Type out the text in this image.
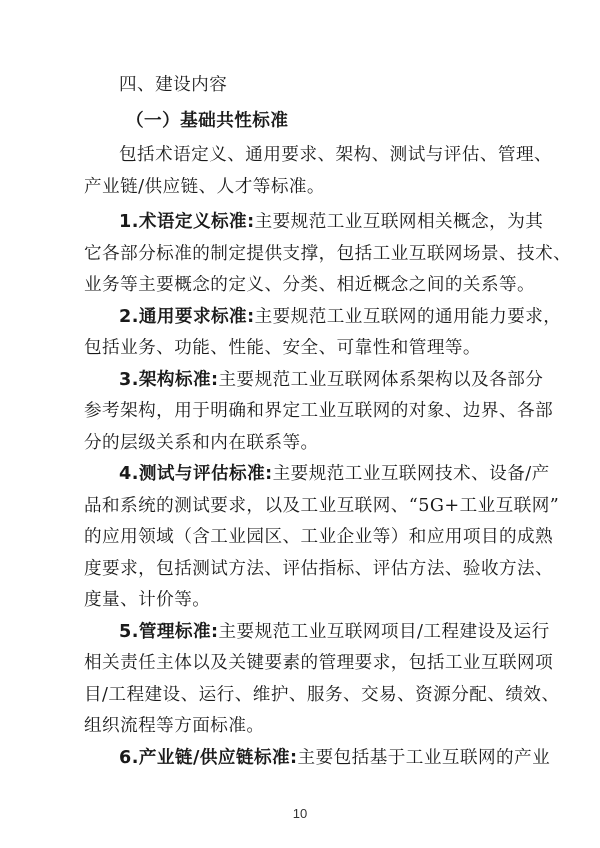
四、建设内容

（一）基础共性标准

包括术语定义、通用要求、架构、测试与评估、管理、

产业链/供应链、人才等标准。

1.术语定义标准:主要规范工业互联网相关概念，为其

它各部分标准的制定提供支撑，包括工业互联网场景、技术、

业务等主要概念的定义、分类、相近概念之间的关系等。

2.通用要求标准:主要规范工业互联网的通用能力要求，

包括业务、功能、性能、安全、可靠性和管理等。

3.架构标准:主要规范工业互联网体系架构以及各部分

参考架构，用于明确和界定工业互联网的对象、边界、各部

分的层级关系和内在联系等。

4.测试与评估标准:主要规范工业互联网技术、设备/产

品和系统的测试要求，以及工业互联网、“5G+工业互联网”

的应用领域（含工业园区、工业企业等）和应用项目的成熟

度要求，包括测试方法、评估指标、评估方法、验收方法、

度量、计价等。

5.管理标准:主要规范工业互联网项目/工程建设及运行

相关责任主体以及关键要素的管理要求，包括工业互联网项

目/工程建设、运行、维护、服务、交易、资源分配、绩效、

组织流程等方面标准。

6.产业链/供应链标准:主要包括基于工业互联网的产业

10
